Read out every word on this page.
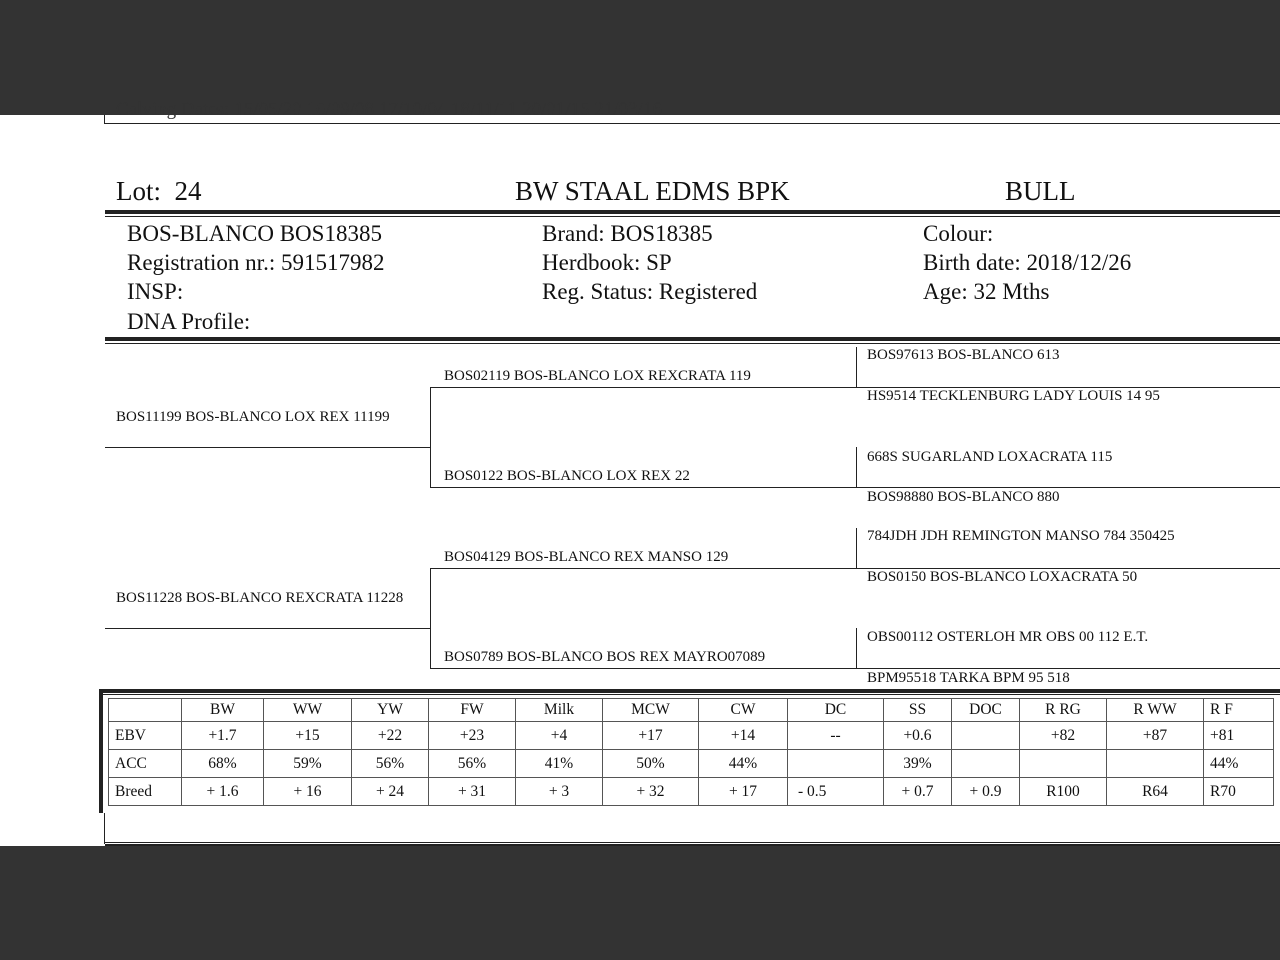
Calving Dates: 15/05/20 16/09/08 17/10/04 18/11/11 20/01/15 21/03/16
Lot: 24	BW STAAL EDMS BPK	BULL
BOS-BLANCO BOS18385
Registration nr.: 591517982
INSP:
DNA Profile:
Brand: BOS18385
Herdbook: SP
Reg. Status: Registered
Colour:
Birth date: 2018/12/26
Age: 32 Mths
BOS11199 BOS-BLANCO LOX REX 11199
BOS02119 BOS-BLANCO LOX REXCRATA 119
BOS0122 BOS-BLANCO LOX REX 22
BOS11228 BOS-BLANCO REXCRATA 11228
BOS04129 BOS-BLANCO REX MANSO 129
BOS0789 BOS-BLANCO BOS REX MAYRO07089
BOS97613 BOS-BLANCO 613
HS9514 TECKLENBURG LADY LOUIS 14 95
668S SUGARLAND LOXACRATA 115
BOS98880 BOS-BLANCO 880
784JDH JDH REMINGTON MANSO 784 350425
BOS0150 BOS-BLANCO LOXACRATA 50
OBS00112 OSTERLOH MR OBS 00 112 E.T.
BPM95518 TARKA BPM 95 518
	BW	WW	YW	FW	Milk	MCW	CW	DC	SS	DOC	R RG	R WW	R F
EBV	+1.7	+15	+22	+23	+4	+17	+14	--	+0.6		+82	+87	+81
ACC	68%	59%	56%	56%	41%	50%	44%		39%				44%
Breed	+ 1.6	+ 16	+ 24	+ 31	+ 3	+ 32	+ 17	- 0.5	+ 0.7	+ 0.9	R100	R64	R70
